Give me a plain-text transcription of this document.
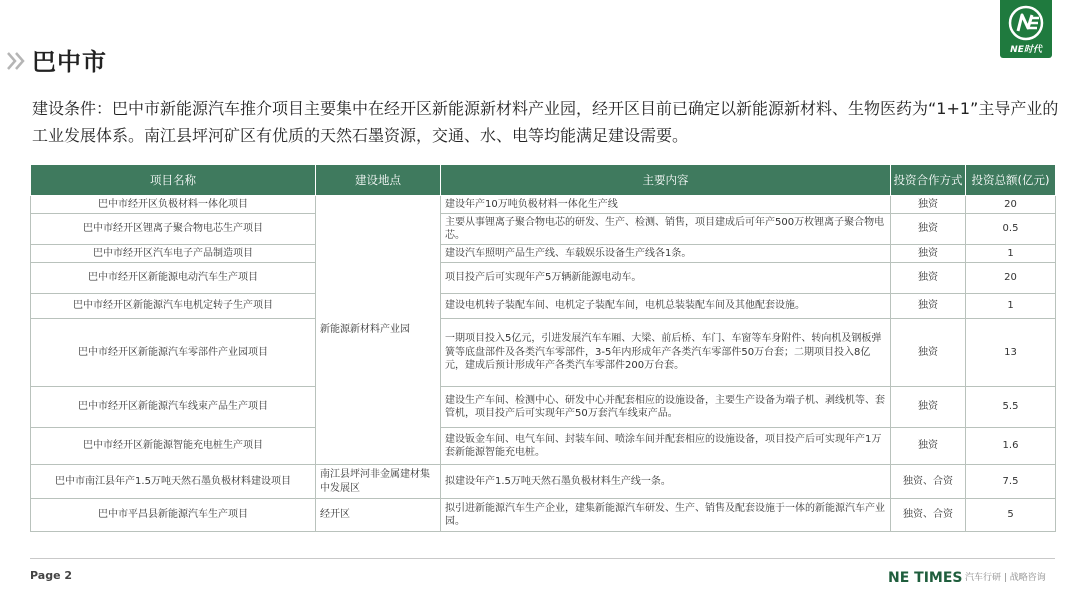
巴中市	NE时代
建设条件：巴中市新能源汽车推介项目主要集中在经开区新能源新材料产业园，经开区目前已确定以新能源新材料、生物医药为“1+1”主导产业的工业发展体系。南江县坪河矿区有优质的天然石墨资源，交通、水、电等均能满足建设需要。
项目名称	建设地点	主要内容	投资合作方式	投资总额(亿元)
巴中市经开区负极材料一体化项目	新能源新材料产业园	建设年产10万吨负极材料一体化生产线	独资	20
巴中市经开区锂离子聚合物电芯生产项目		主要从事锂离子聚合物电芯的研发、生产、检测、销售，项目建成后可年产500万枚锂离子聚合物电芯。	独资	0.5
巴中市经开区汽车电子产品制造项目		建设汽车照明产品生产线、车载娱乐设备生产线各1条。	独资	1
巴中市经开区新能源电动汽车生产项目		项目投产后可实现年产5万辆新能源电动车。	独资	20
巴中市经开区新能源汽车电机定转子生产项目		建设电机转子装配车间、电机定子装配车间，电机总装装配车间及其他配套设施。	独资	1
巴中市经开区新能源汽车零部件产业园项目		一期项目投入5亿元，引进发展汽车车厢、大梁、前后桥、车门、车窗等车身附件、转向机及钢板弹簧等底盘部件及各类汽车零部件，3-5年内形成年产各类汽车零部件50万台套；二期项目投入8亿元，建成后预计形成年产各类汽车零部件200万台套。	独资	13
巴中市经开区新能源汽车线束产品生产项目		建设生产车间、检测中心、研发中心并配套相应的设施设备，主要生产设备为端子机、剥线机等、套管机，项目投产后可实现年产50万套汽车线束产品。	独资	5.5
巴中市经开区新能源智能充电桩生产项目		建设钣金车间、电气车间、封装车间、喷涂车间并配套相应的设施设备，项目投产后可实现年产1万套新能源智能充电桩。	独资	1.6
巴中市南江县年产1.5万吨天然石墨负极材料建设项目	南江县坪河非金属建材集中发展区	拟建设年产1.5万吨天然石墨负极材料生产线一条。	独资、合资	7.5
巴中市平昌县新能源汽车生产项目	经开区	拟引进新能源汽车生产企业，建集新能源汽车研发、生产、销售及配套设施于一体的新能源汽车产业园。	独资、合资	5
Page 2	NE TIMES 汽车行研 | 战略咨询
